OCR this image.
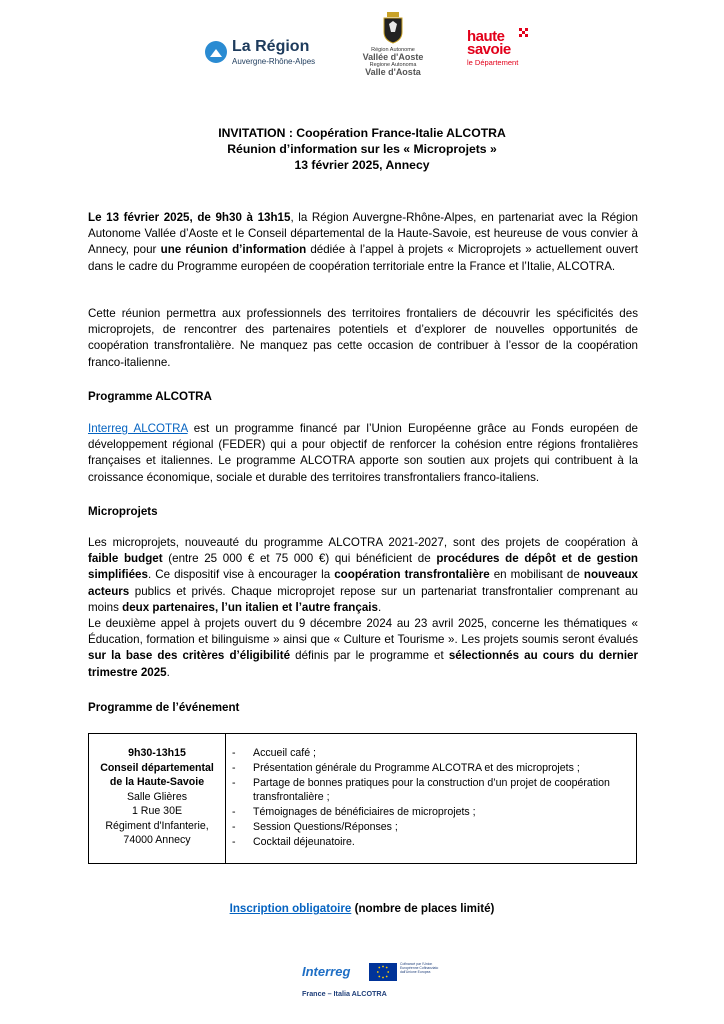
La Région
Auvergne-Rhône-Alpes
Région Autonome
Vallée d'Aoste
Regione Autonoma
Valle d'Aosta
haute
savoie
le Département
INVITATION : Coopération France-Italie ALCOTRA
Réunion d’information sur les « Microprojets »
13 février 2025, Annecy

Le 13 février 2025, de 9h30 à 13h15, la Région Auvergne-Rhône-Alpes, en partenariat avec la Région Autonome Vallée d’Aoste et le Conseil départemental de la Haute-Savoie, est heureuse de vous convier à Annecy, pour une réunion d’information dédiée à l’appel à projets « Microprojets » actuellement ouvert dans le cadre du Programme européen de coopération territoriale entre la France et l’Italie, ALCOTRA.

Cette réunion permettra aux professionnels des territoires frontaliers de découvrir les spécificités des microprojets, de rencontrer des partenaires potentiels et d’explorer de nouvelles opportunités de coopération transfrontalière. Ne manquez pas cette occasion de contribuer à l’essor de la coopération franco-italienne.

Programme ALCOTRA

Interreg ALCOTRA est un programme financé par l’Union Européenne grâce au Fonds européen de développement régional (FEDER) qui a pour objectif de renforcer la cohésion entre régions frontalières françaises et italiennes. Le programme ALCOTRA apporte son soutien aux projets qui contribuent à la croissance économique, sociale et durable des territoires transfrontaliers franco-italiens.

Microprojets

Les microprojets, nouveauté du programme ALCOTRA 2021-2027, sont des projets de coopération à faible budget (entre 25 000 € et 75 000 €) qui bénéficient de procédures de dépôt et de gestion simplifiées. Ce dispositif vise à encourager la coopération transfrontalière en mobilisant de nouveaux acteurs publics et privés. Chaque microprojet repose sur un partenariat transfrontalier comprenant au moins deux partenaires, l’un italien et l’autre français.
Le deuxième appel à projets ouvert du 9 décembre 2024 au 23 avril 2025, concerne les thématiques « Éducation, formation et bilinguisme » ainsi que « Culture et Tourisme ». Les projets soumis seront évalués sur la base des critères d’éligibilité définis par le programme et sélectionnés au cours du dernier trimestre 2025.

Programme de l’événement

9h30-13h15
Conseil départemental
de la Haute-Savoie
Salle Glières
1 Rue 30E
Régiment d'Infanterie,
74000 Annecy
- Accueil café ;
- Présentation générale du Programme ALCOTRA et des microprojets ;
- Partage de bonnes pratiques pour la construction d’un projet de coopération transfrontalière ;
- Témoignages de bénéficiaires de microprojets ;
- Session Questions/Réponses ;
- Cocktail déjeunatoire.
Inscription obligatoire (nombre de places limité)
Interreg	Cofinancé par l'Union Européenne Cofinanziato dall'Unione Europea
France – Italia ALCOTRA
